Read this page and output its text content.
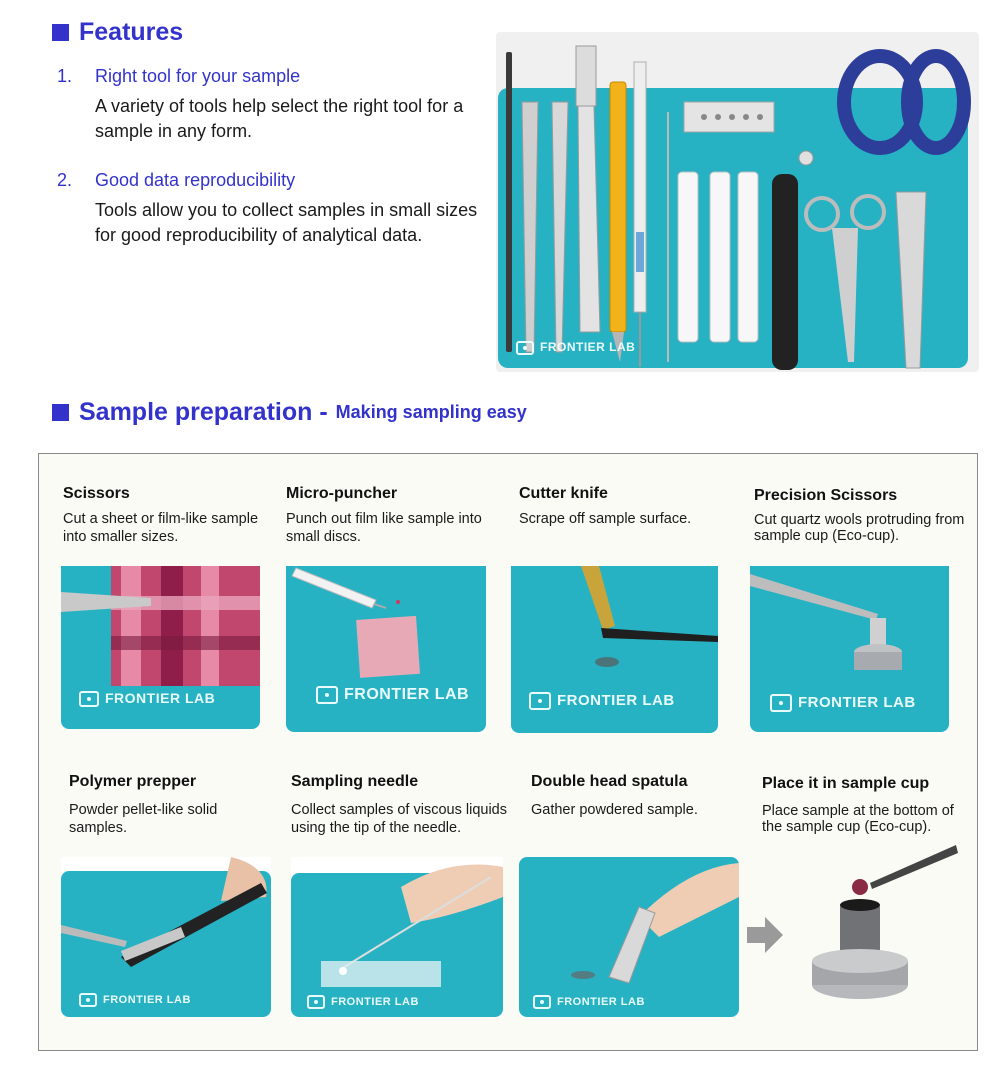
Features
1. Right tool for your sample
A variety of tools help select the right tool for a sample in any form.
2. Good data reproducibility
Tools allow you to collect samples in small sizes for good reproducibility of analytical data.
FRONTIER LAB
Sample preparation - Making sampling easy
Scissors
Cut a sheet or film-like sample into smaller sizes.
FRONTIER LAB
Micro-puncher
Punch out film like sample into small discs.
FRONTIER LAB
Cutter knife
Scrape off sample surface.
FRONTIER LAB
Precision Scissors
Cut quartz wools protruding from sample cup (Eco-cup).
FRONTIER LAB
Polymer prepper
Powder pellet-like solid samples.
FRONTIER LAB
Sampling needle
Collect samples of viscous liquids using the tip of the needle.
FRONTIER LAB
Double head spatula
Gather powdered sample.
FRONTIER LAB
Place it in sample cup
Place sample at the bottom of the sample cup (Eco-cup).
